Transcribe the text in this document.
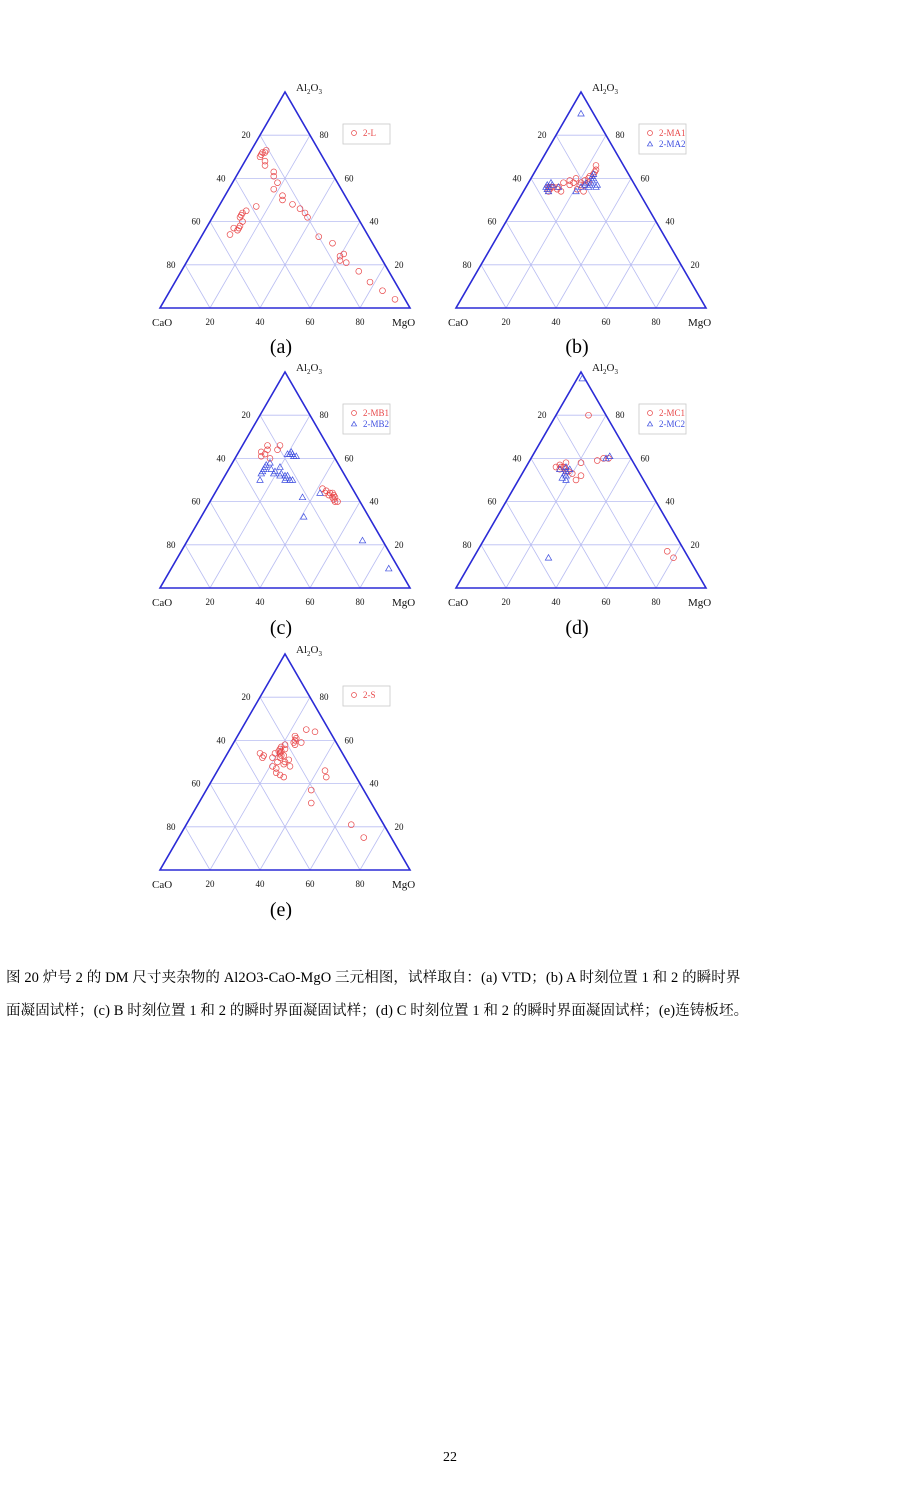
20
20
20
40
40
40
60
60
60
80
80
80
CaO	MgO
$Al_2O_3$
2-L
(a)
20
20
20
40
40
40
60
60
60
80
80
80
CaO	MgO
$Al_2O_3$
2-MA1
2-MA2
(b)
20
20
20
40
40
40
60
60
60
80
80
80
CaO	MgO
$Al_2O_3$
2-MB1
2-MB2
(c)
20
20
20
40
40
40
60
60
60
80
80
80
CaO	MgO
$Al_2O_3$
2-MC1
2-MC2
(d)
20
20
20
40
40
40
60
60
60
80
80
80
CaO	MgO
$Al_2O_3$
2-S
(e)
图 20 炉号 2 的 DM 尺寸夹杂物的 Al2O3-CaO-MgO 三元相图，试样取自：(a) VTD；(b) A 时刻位置 1 和 2 的瞬时界
面凝固试样；(c) B 时刻位置 1 和 2 的瞬时界面凝固试样；(d) C 时刻位置 1 和 2 的瞬时界面凝固试样；(e)连铸板坯。
22
